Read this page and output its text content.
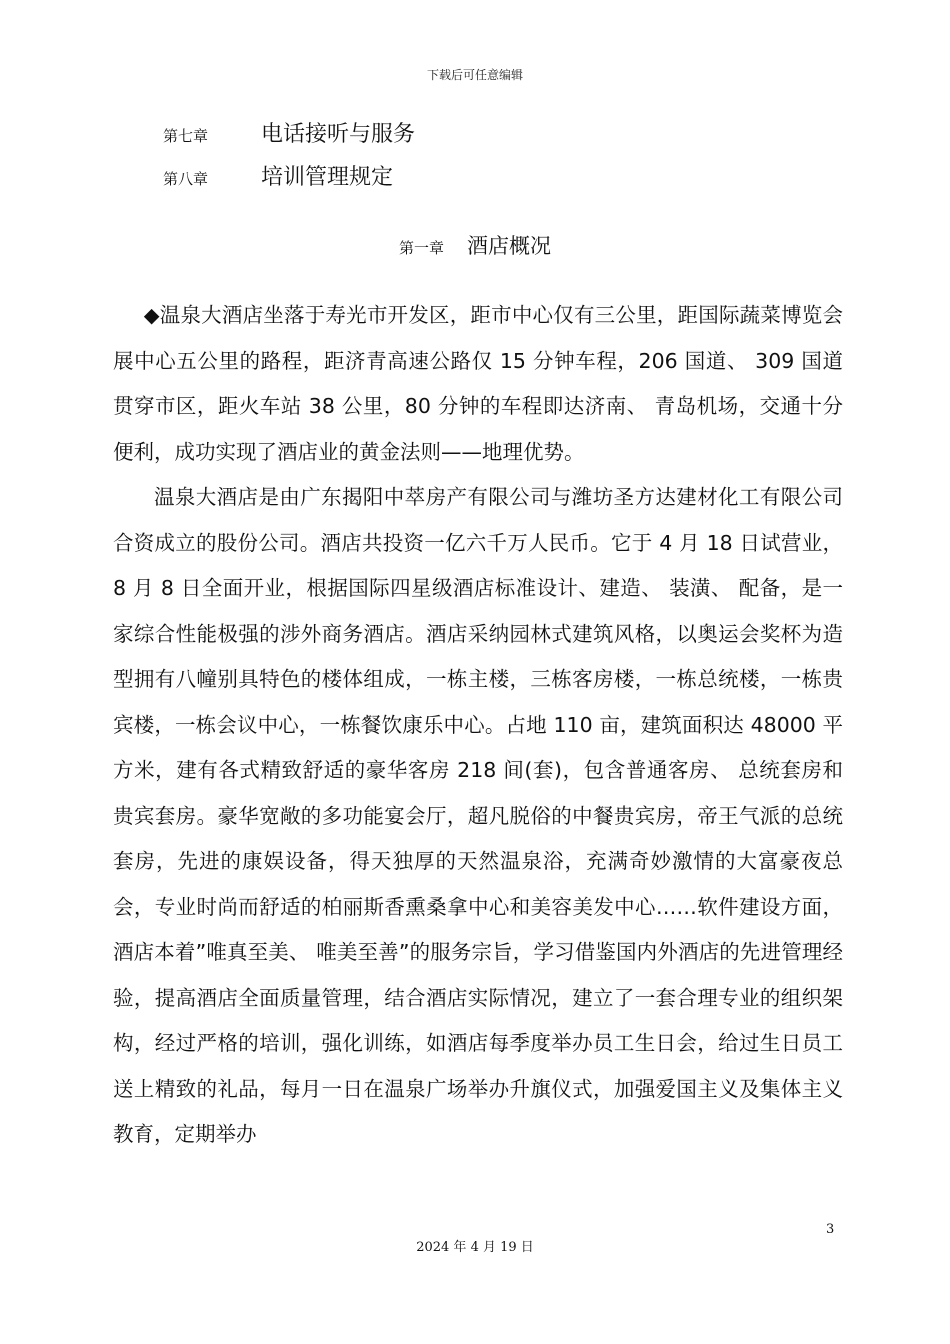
下载后可任意编辑
第七章	电话接听与服务
第八章	培训管理规定
第一章 酒店概况

◆温泉大酒店坐落于寿光市开发区，距市中心仅有三公里，距国际蔬菜博览会展中心五公里的路程，距济青高速公路仅 15 分钟车程，206 国道、 309 国道贯穿市区，距火车站 38 公里，80 分钟的车程即达济南、 青岛机场，交通十分便利，成功实现了酒店业的黄金法则——地理优势。

温泉大酒店是由广东揭阳中萃房产有限公司与潍坊圣方达建材化工有限公司合资成立的股份公司。酒店共投资一亿六千万人民币。它于 4 月 18 日试营业，8 月 8 日全面开业，根据国际四星级酒店标准设计、建造、 装潢、 配备，是一家综合性能极强的涉外商务酒店。酒店采纳园林式建筑风格，以奥运会奖杯为造型拥有八幢别具特色的楼体组成，一栋主楼，三栋客房楼，一栋总统楼，一栋贵宾楼，一栋会议中心，一栋餐饮康乐中心。占地 110 亩，建筑面积达 48000 平方米，建有各式精致舒适的豪华客房 218 间(套)，包含普通客房、 总统套房和贵宾套房。豪华宽敞的多功能宴会厅，超凡脱俗的中餐贵宾房，帝王气派的总统套房，先进的康娱设备，得天独厚的天然温泉浴，充满奇妙激情的大富豪夜总会，专业时尚而舒适的柏丽斯香熏桑拿中心和美容美发中心……软件建设方面，酒店本着”唯真至美、 唯美至善”的服务宗旨，学习借鉴国内外酒店的先进管理经验，提高酒店全面质量管理，结合酒店实际情况，建立了一套合理专业的组织架构，经过严格的培训，强化训练，如酒店每季度举办员工生日会，给过生日员工送上精致的礼品，每月一日在温泉广场举办升旗仪式，加强爱国主义及集体主义教育，定期举办

3
2024 年 4 月 19 日
